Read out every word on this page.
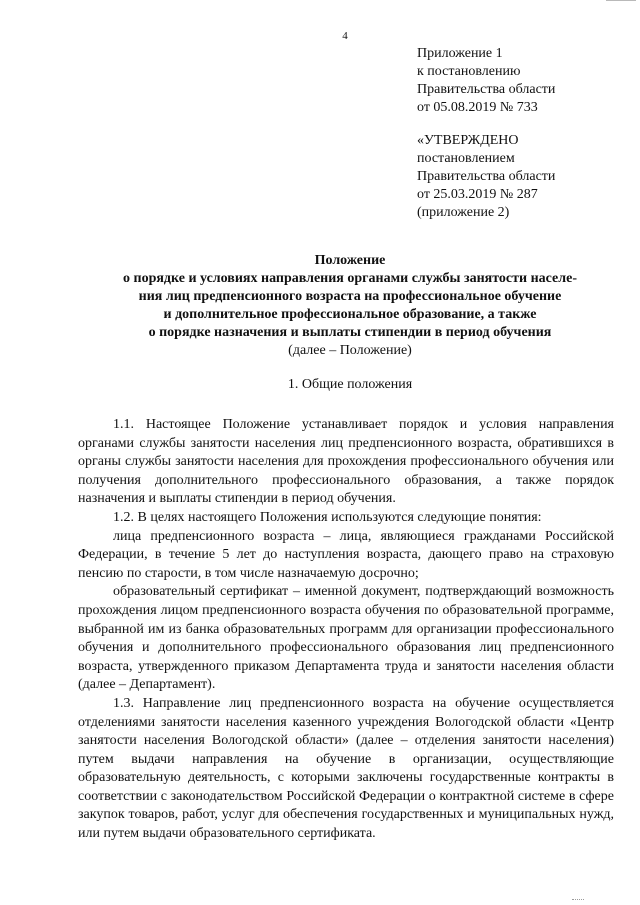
4
Приложение 1
к постановлению
Правительства области
от 05.08.2019 № 733
«УТВЕРЖДЕНО
постановлением
Правительства области
от 25.03.2019 № 287
(приложение 2)
Положение
о порядке и условиях направления органами службы занятости населе-
ния лиц предпенсионного возраста на профессиональное обучение
и дополнительное профессиональное образование, а также
о порядке назначения и выплаты стипендии в период обучения
(далее – Положение)
1. Общие положения

1.1. Настоящее Положение устанавливает порядок и условия направления органами службы занятости населения лиц предпенсионного возраста, обратившихся в органы службы занятости населения для прохождения профессионального обучения или получения дополнительного профессионального образования, а также порядок назначения и выплаты стипендии в период обучения.

1.2. В целях настоящего Положения используются следующие понятия:

лица предпенсионного возраста – лица, являющиеся гражданами Российской Федерации, в течение 5 лет до наступления возраста, дающего право на страховую пенсию по старости, в том числе назначаемую досрочно;

образовательный сертификат – именной документ, подтверждающий возможность прохождения лицом предпенсионного возраста обучения по образовательной программе, выбранной им из банка образовательных программ для организации профессионального обучения и дополнительного профессионального образования лиц предпенсионного возраста, утвержденного приказом Департамента труда и занятости населения области (далее – Департамент).

1.3. Направление лиц предпенсионного возраста на обучение осуществляется отделениями занятости населения казенного учреждения Вологодской области «Центр занятости населения Вологодской области» (далее – отделения занятости населения) путем выдачи направления на обучение в организации, осуществляющие образовательную деятельность, с которыми заключены государственные контракты в соответствии с законодательством Российской Федерации о контрактной системе в сфере закупок товаров, работ, услуг для обеспечения государственных и муниципальных нужд, или путем выдачи образовательного сертификата.
